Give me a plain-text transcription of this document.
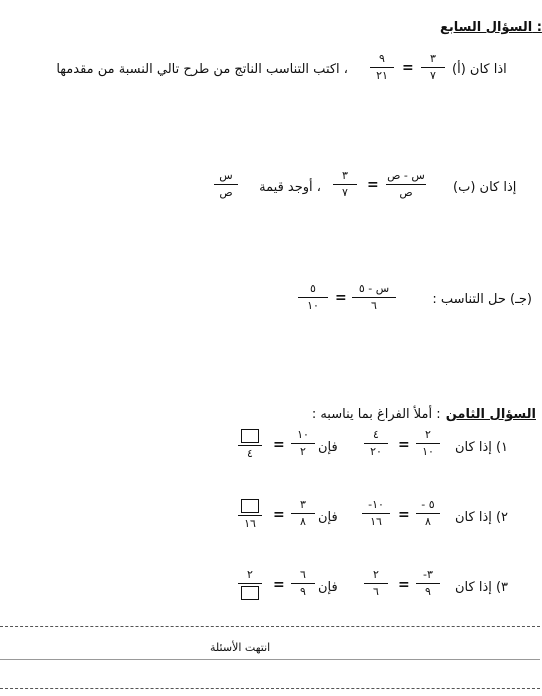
السؤال السابع :
(أ) اذا كان
٣
٧
=
٩
٢١
، اكتب التناسب الناتج من طرح تالي النسبة من مقدمها
(ب) إذا كان
س - ص
ص
=
٣
٧
، أوجد قيمة
س
ص
(جـ) حل التناسب :
س - ٥
٦
=
٥
١٠
السؤال الثامن : أملأ الفراغ بما يناسبه :
١) إذا كان
٢
١٠
=
٤
٢٠
فإن
١٠
٢
=
٤
٢) إذا كان
- ٥
٨
=
-١٠
١٦
فإن
٣
٨
=
١٦
٣) إذا كان
-٣
٩
=
٢
٦
فإن
٦
٩
=
٢
انتهت الأسئلة
